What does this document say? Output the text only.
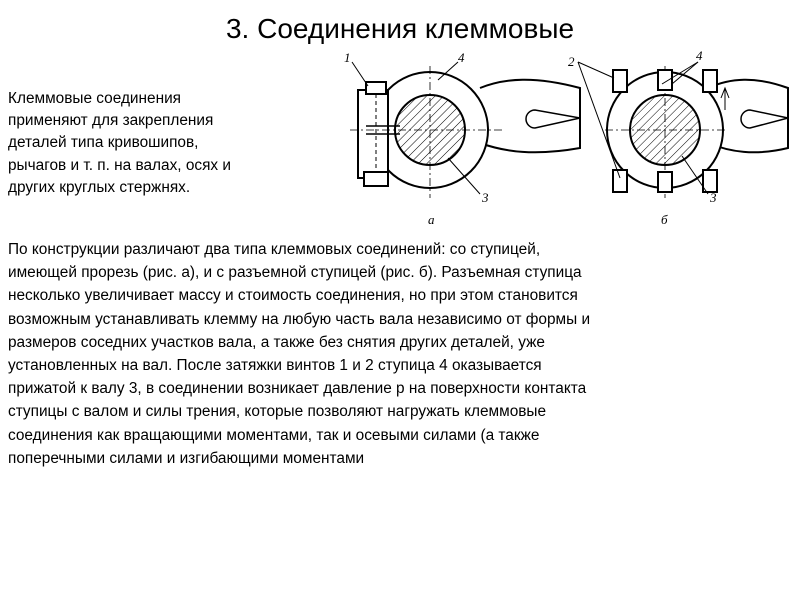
3. Соединения клеммовые
Клеммовые соединения
применяют для закрепления
деталей типа кривошипов,
рычагов и т. п. на валах, осях и
других круглых стержнях.
1	4
3
а
2	4
3
б

По конструкции различают два типа клеммовых соединений: со ступицей,

имеющей прорезь (рис. а), и с разъемной ступицей (рис. б). Разъемная ступица

несколько увеличивает массу и стоимость соединения, но при этом становится

возможным устанавливать клемму на любую часть вала независимо от формы и

размеров соседних участков вала, а также без снятия других деталей, уже

установленных на вал. После затяжки винтов 1 и 2 ступица 4 оказывается

прижатой к валу 3, в соединении возникает давление p на поверхности контакта

ступицы с валом и силы трения, которые позволяют нагружать клеммовые

соединения как вращающими моментами, так и осевыми силами (а также

поперечными силами и изгибающими моментами
